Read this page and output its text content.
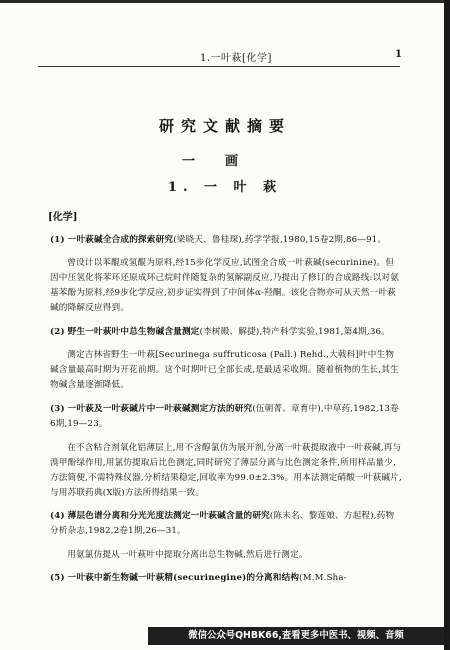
1.一叶萩[化学]	1
研究文献摘要
一画
1. 一 叶 萩
[化学]

(1) 一叶萩碱全合成的探索研究(梁晓天、鲁桂琛),药学学报,1980,15卷2期,86—91。

曾设计以苯醌或氢醌为原料,经15步化学反应,试图全合成一叶萩碱(securinine)。但因中压氢化将苯环还原成环己烷时伴随复杂的氢解副反应,乃提出了修订的合成路线:以对氨基苯酚为原料,经9步化学反应,初步证实得到了中间体α-羟酮。该化合物亦可从天然一叶萩碱的降解反应得到。

(2) 野生一叶萩叶中总生物碱含量测定(李树殿、解捷),特产科学实验,1981,第4期,36。

测定吉林省野生一叶萩[Securinega suffruticosa (Pall.) Rehd.,大戟科]叶中生物碱含量最高时期为开花前期。这个时期叶已全部长成,是最适采收期。随着植物的生长,其生物碱含量逐渐降低。

(3) 一叶萩及一叶萩碱片中一叶萩碱测定方法的研究(伍朝菁、章育中),中草药,1982,13卷6期,19—23。

在不含粘合剂氧化铝薄层上,用不含醇氯仿为展开剂,分离一叶萩提取液中一叶萩碱,再与溴甲酚绿作用,用氯仿提取后比色测定,同时研究了薄层分离与比色测定条件,所用样品量少,方法简便,不需特殊仪器,分析结果稳定,回收率为99.0±2.3%。用本法测定硝酸一叶萩碱片,与用苏联药典(X版)方法所得结果一致。

(4) 薄层色谱分离和分光光度法测定一叶萩碱含量的研究(陈未名、黎莲娘、方起程),药物分析杂志,1982,2卷1期,26—31。

用氨氯仿提从一叶萩叶中提取分离出总生物碱,然后进行测定。

(5) 一叶萩中新生物碱一叶萩精(securinegine)的分离和结构(M.M.Sha-

微信公众号QHBK66,查看更多中医书、视频、音频
